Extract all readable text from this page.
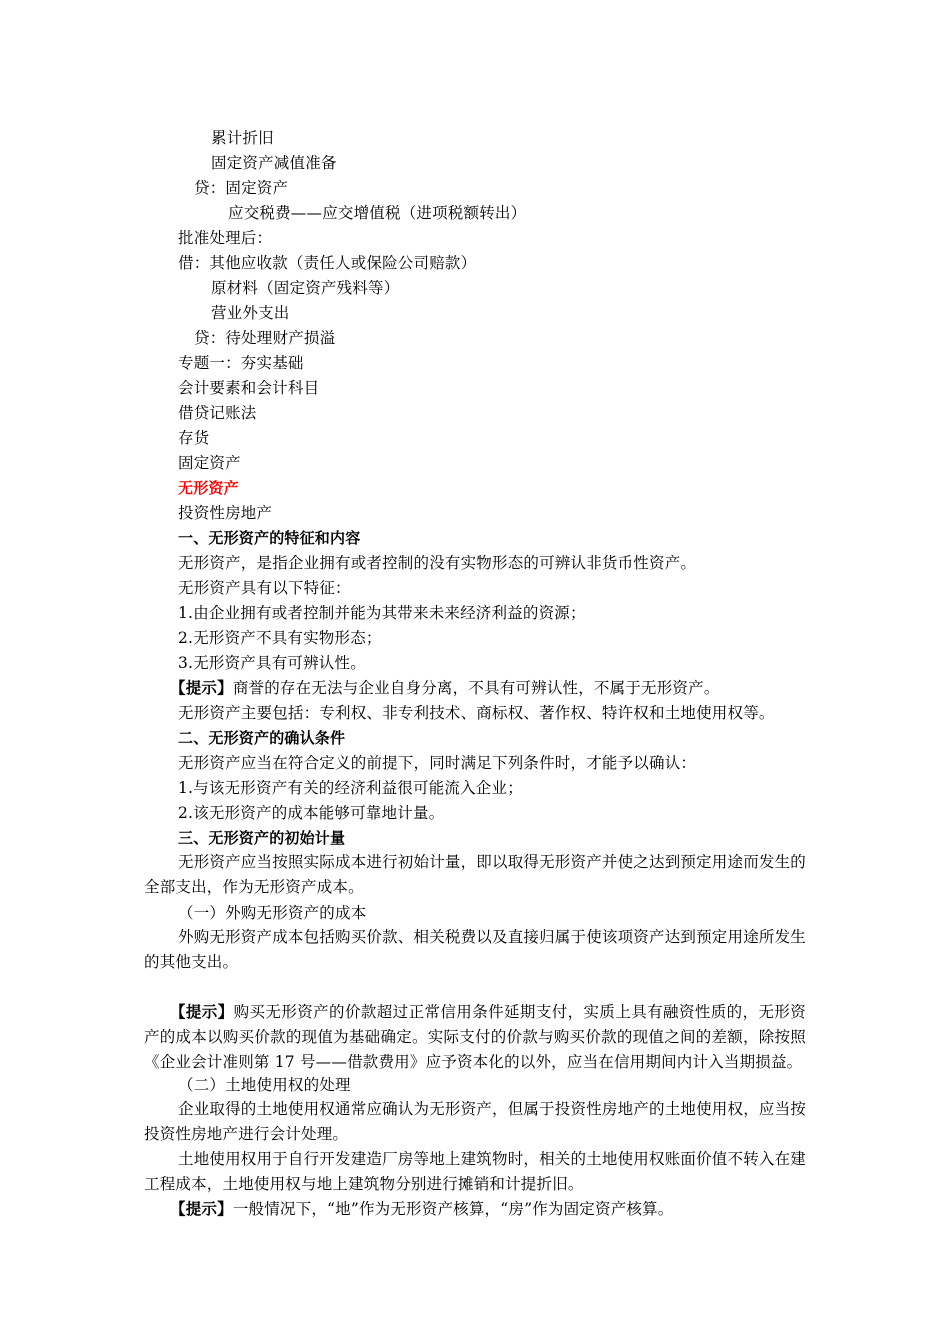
累计折旧
固定资产减值准备
贷：固定资产
应交税费——应交增值税（进项税额转出）
批准处理后：
借：其他应收款（责任人或保险公司赔款）
原材料（固定资产残料等）
营业外支出
贷：待处理财产损溢
专题一：夯实基础
会计要素和会计科目
借贷记账法
存货
固定资产
无形资产
投资性房地产
一、无形资产的特征和内容
无形资产，是指企业拥有或者控制的没有实物形态的可辨认非货币性资产。
无形资产具有以下特征：
1.由企业拥有或者控制并能为其带来未来经济利益的资源；
2.无形资产不具有实物形态；
3.无形资产具有可辨认性。
【提示】商誉的存在无法与企业自身分离，不具有可辨认性，不属于无形资产。
无形资产主要包括：专利权、非专利技术、商标权、著作权、特许权和土地使用权等。
二、无形资产的确认条件
无形资产应当在符合定义的前提下，同时满足下列条件时，才能予以确认：
1.与该无形资产有关的经济利益很可能流入企业；
2.该无形资产的成本能够可靠地计量。
三、无形资产的初始计量
无形资产应当按照实际成本进行初始计量，即以取得无形资产并使之达到预定用途而发生的全部支出，作为无形资产成本。
（一）外购无形资产的成本
外购无形资产成本包括购买价款、相关税费以及直接归属于使该项资产达到预定用途所发生的其他支出。
【提示】购买无形资产的价款超过正常信用条件延期支付，实质上具有融资性质的，无形资产的成本以购买价款的现值为基础确定。实际支付的价款与购买价款的现值之间的差额，除按照《企业会计准则第 17 号——借款费用》应予资本化的以外，应当在信用期间内计入当期损益。
（二）土地使用权的处理
企业取得的土地使用权通常应确认为无形资产，但属于投资性房地产的土地使用权，应当按投资性房地产进行会计处理。
土地使用权用于自行开发建造厂房等地上建筑物时，相关的土地使用权账面价值不转入在建工程成本，土地使用权与地上建筑物分别进行摊销和计提折旧。
【提示】一般情况下，“地”作为无形资产核算，“房”作为固定资产核算。
